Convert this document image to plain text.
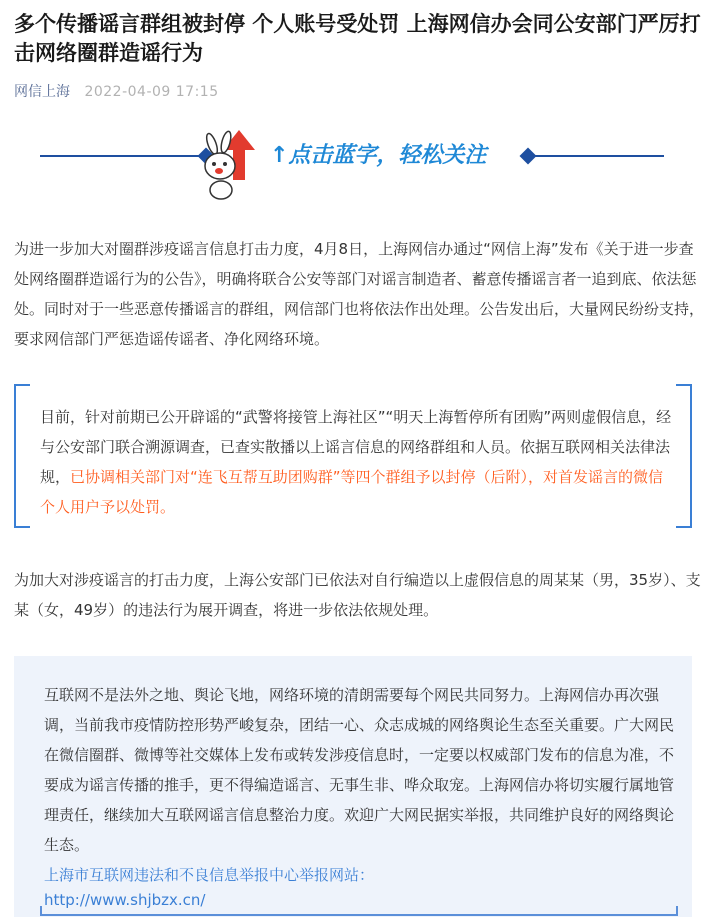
多个传播谣言群组被封停 个人账号受处罚 上海网信办会同公安部门严厉打击网络圈群造谣行为
网信上海 2022-04-09 17:15
↑点击蓝字，轻松关注

为进一步加大对圈群涉疫谣言信息打击力度，4月8日，上海网信办通过“网信上海”发布《关于进一步查处网络圈群造谣行为的公告》，明确将联合公安等部门对谣言制造者、蓄意传播谣言者一追到底、依法惩处。同时对于一些恶意传播谣言的群组，网信部门也将依法作出处理。公告发出后，大量网民纷纷支持，要求网信部门严惩造谣传谣者、净化网络环境。

目前，针对前期已公开辟谣的“武警将接管上海社区”“明天上海暂停所有团购”两则虚假信息，经与公安部门联合溯源调查，已查实散播以上谣言信息的网络群组和人员。依据互联网相关法律法规，已协调相关部门对“连飞互帮互助团购群”等四个群组予以封停（后附），对首发谣言的微信个人用户予以处罚。

为加大对涉疫谣言的打击力度，上海公安部门已依法对自行编造以上虚假信息的周某某（男，35岁）、支某（女，49岁）的违法行为展开调查，将进一步依法依规处理。

互联网不是法外之地、舆论飞地，网络环境的清朗需要每个网民共同努力。上海网信办再次强调，当前我市疫情防控形势严峻复杂，团结一心、众志成城的网络舆论生态至关重要。广大网民在微信圈群、微博等社交媒体上发布或转发涉疫信息时，一定要以权威部门发布的信息为准，不要成为谣言传播的推手，更不得编造谣言、无事生非、哗众取宠。上海网信办将切实履行属地管理责任，继续加大互联网谣言信息整治力度。欢迎广大网民据实举报，共同维护良好的网络舆论生态。

上海市互联网违法和不良信息举报中心举报网站：
http://www.shjbzx.cn/
